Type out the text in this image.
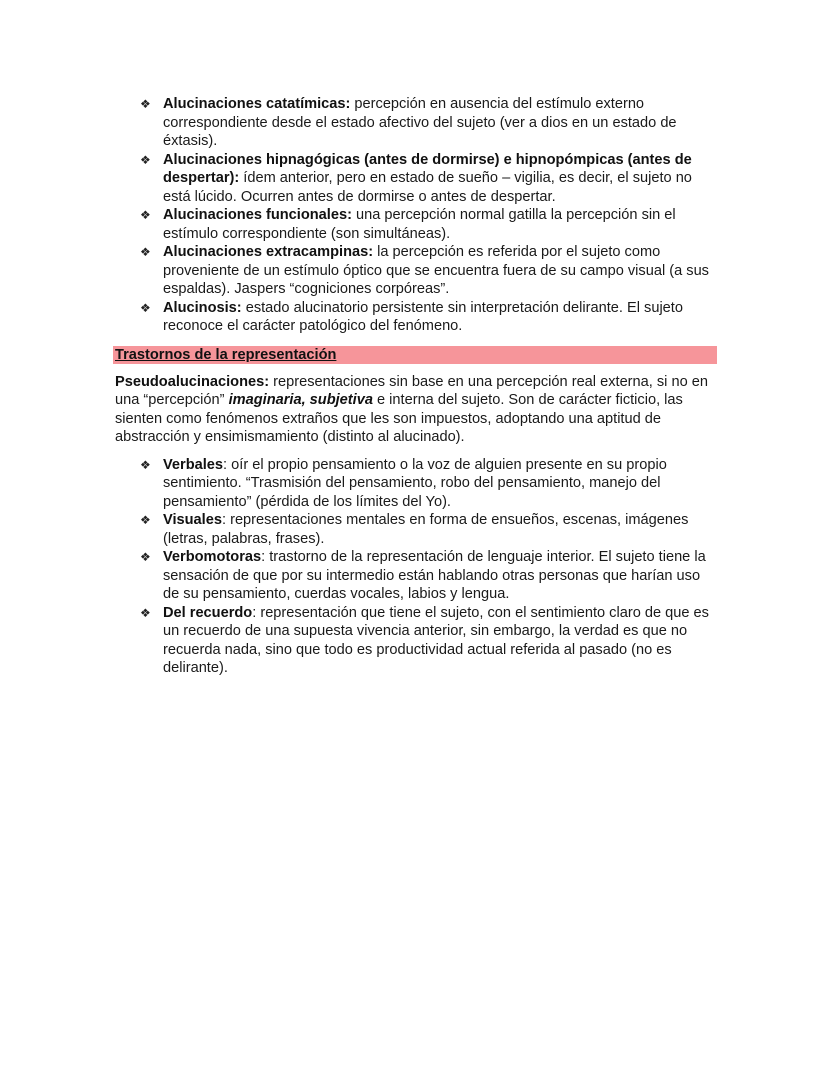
❖ Alucinaciones catatímicas: percepción en ausencia del estímulo externo correspondiente desde el estado afectivo del sujeto (ver a dios en un estado de éxtasis).
❖ Alucinaciones hipnagógicas (antes de dormirse) e hipnopómpicas (antes de despertar): ídem anterior, pero en estado de sueño – vigilia, es decir, el sujeto no está lúcido. Ocurren antes de dormirse o antes de despertar.
❖ Alucinaciones funcionales: una percepción normal gatilla la percepción sin el estímulo correspondiente (son simultáneas).
❖ Alucinaciones extracampinas: la percepción es referida por el sujeto como proveniente de un estímulo óptico que se encuentra fuera de su campo visual (a sus espaldas). Jaspers “cogniciones corpóreas”.
❖ Alucinosis: estado alucinatorio persistente sin interpretación delirante. El sujeto reconoce el carácter patológico del fenómeno.
Trastornos de la representación

Pseudoalucinaciones: representaciones sin base en una percepción real externa, si no en una “percepción” imaginaria, subjetiva e interna del sujeto. Son de carácter ficticio, las sienten como fenómenos extraños que les son impuestos, adoptando una aptitud de abstracción y ensimismamiento (distinto al alucinado).

❖ Verbales: oír el propio pensamiento o la voz de alguien presente en su propio sentimiento. “Trasmisión del pensamiento, robo del pensamiento, manejo del pensamiento” (pérdida de los límites del Yo).
❖ Visuales: representaciones mentales en forma de ensueños, escenas, imágenes (letras, palabras, frases).
❖ Verbomotoras: trastorno de la representación de lenguaje interior. El sujeto tiene la sensación de que por su intermedio están hablando otras personas que harían uso de su pensamiento, cuerdas vocales, labios y lengua.
❖ Del recuerdo: representación que tiene el sujeto, con el sentimiento claro de que es un recuerdo de una supuesta vivencia anterior, sin embargo, la verdad es que no recuerda nada, sino que todo es productividad actual referida al pasado (no es delirante).
